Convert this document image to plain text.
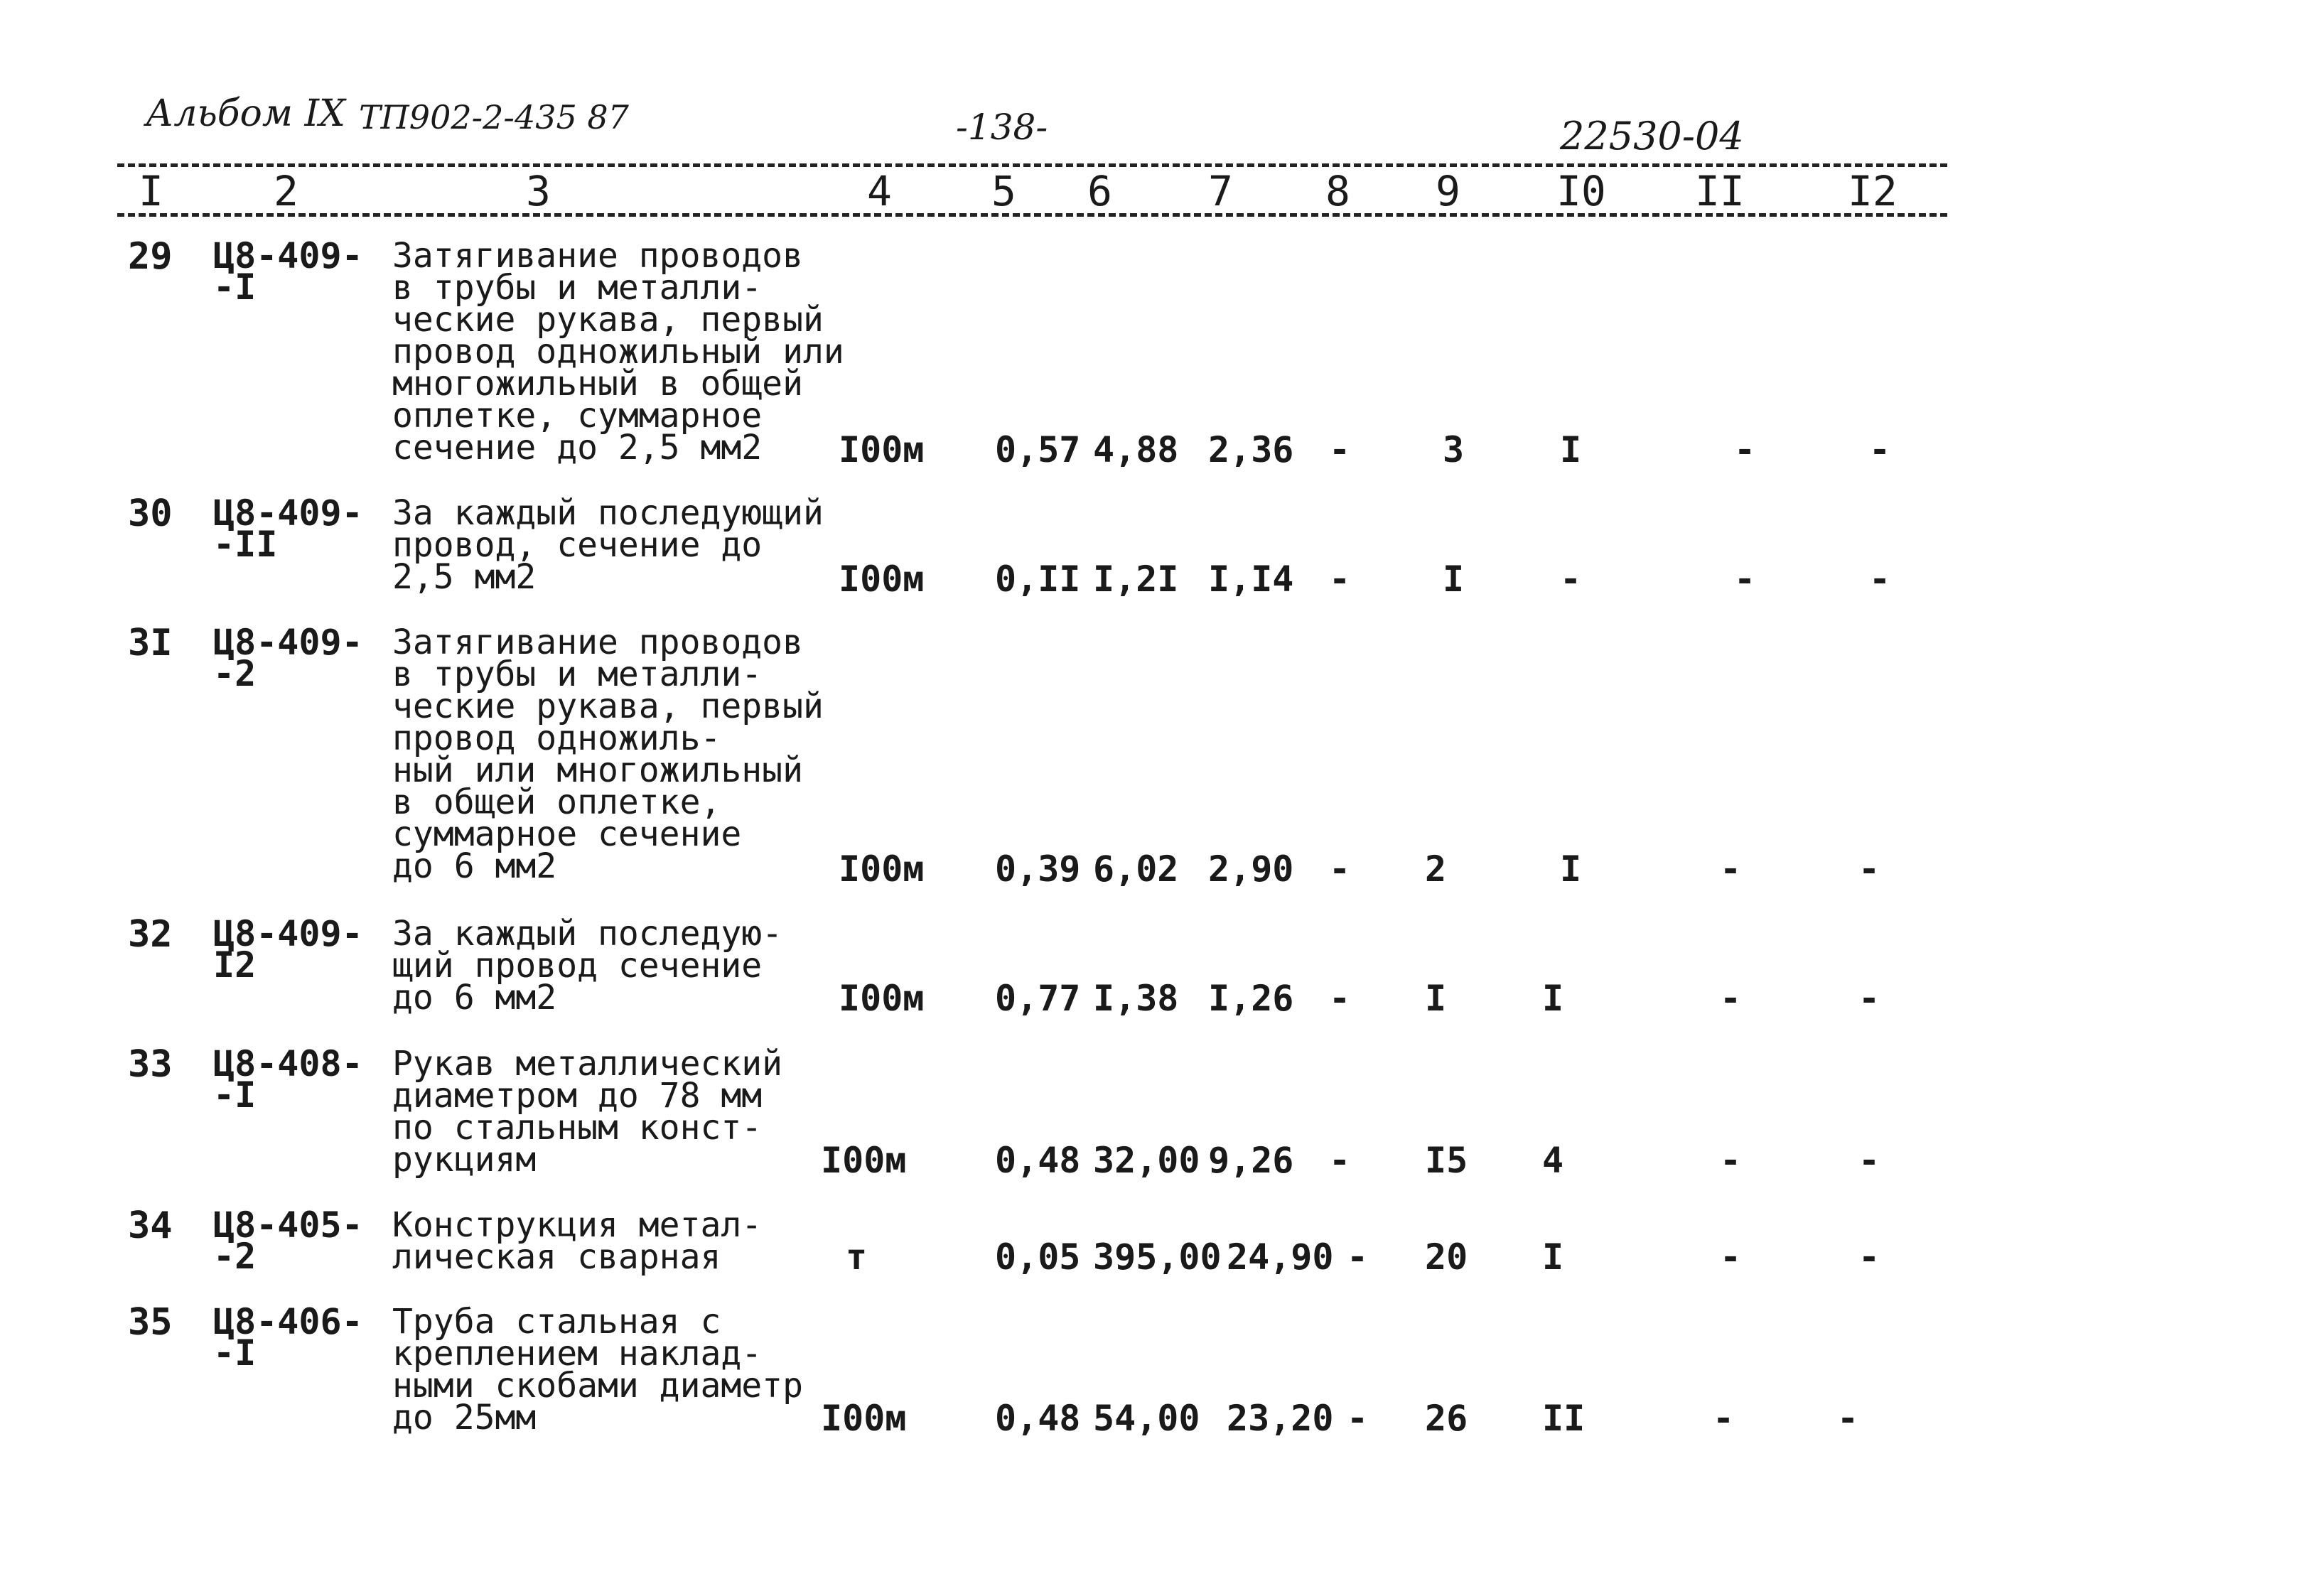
Альбом IX ТП902-2-435 87	-138-	22530-04
I	2	3	4 5 6 7 8 9 I0 II	I2
29 Ц8-409-
-I
Затягивание проводов
в трубы и металли-
ческие рукава, первый
провод одножильный или
многожильный в общей
оплетке, суммарное
сечение до 2,5 мм2	I00м 0,57 4,88 2,36 -	3	I	-	-
30 Ц8-409-
-II
За каждый последующий
провод, сечение до
2,5 мм2	I00м 0,II I,2I I,I4 -	I	-	-	-
3I Ц8-409-
-2
Затягивание проводов
в трубы и металли-
ческие рукава, первый
провод одножиль-
ный или многожильный
в общей оплетке,
суммарное сечение
до 6 мм2	I00м 0,39 6,02 2,90 - 2	I	-	-
32 Ц8-409-
I2
За каждый последую-
щий провод сечение
до 6 мм2	I00м 0,77 I,38 I,26 - I	I	-	-
33 Ц8-408-
-I
Рукав металлический
диаметром до 78 мм
по стальным конст-
рукциям	I00м 0,48 32,00 9,26 - I5 4	-	-
34 Ц8-405-
-2
Конструкция метал-
лическая сварная	т	0,05 395,00 24,90 - 20 I	-	-
35 Ц8-406-
-I
Труба стальная с
креплением наклад-
ными скобами диаметр
до 25мм	I00м 0,48 54,00 23,20 - 26 II	-	-
